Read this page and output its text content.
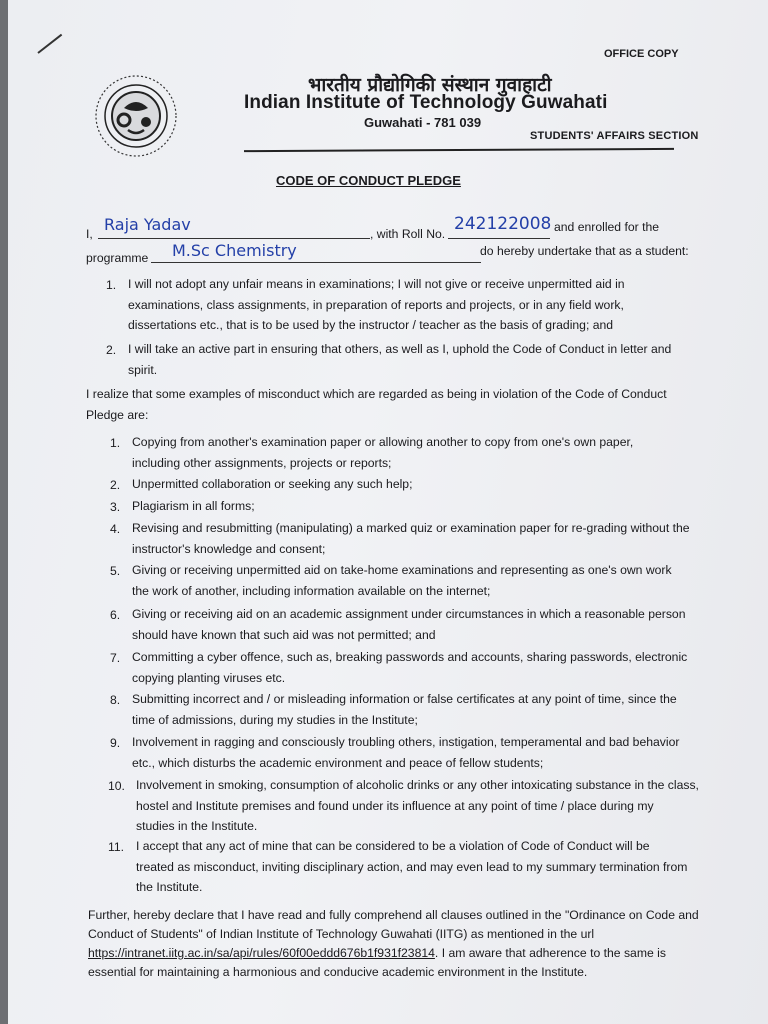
OFFICE COPY
भारतीय प्रौद्योगिकी संस्थान गुवाहाटी
Indian Institute of Technology Guwahati
Guwahati - 781 039
STUDENTS' AFFAIRS SECTION
CODE OF CONDUCT PLEDGE
I, Raja Yadav	, with Roll No. 242122008 and enrolled for the
programme M.Sc Chemistry	do hereby undertake that as a student:
1. I will not adopt any unfair means in examinations; I will not give or receive unpermitted aid in
examinations, class assignments, in preparation of reports and projects, or in any field work,
dissertations etc., that is to be used by the instructor / teacher as the basis of grading; and
2. I will take an active part in ensuring that others, as well as I, uphold the Code of Conduct in letter and
spirit.
I realize that some examples of misconduct which are regarded as being in violation of the Code of Conduct
Pledge are:
1. Copying from another's examination paper or allowing another to copy from one's own paper,
including other assignments, projects or reports;
2. Unpermitted collaboration or seeking any such help;
3. Plagiarism in all forms;
4. Revising and resubmitting (manipulating) a marked quiz or examination paper for re-grading without the
instructor's knowledge and consent;
5. Giving or receiving unpermitted aid on take-home examinations and representing as one's own work
the work of another, including information available on the internet;
6. Giving or receiving aid on an academic assignment under circumstances in which a reasonable person
should have known that such aid was not permitted; and
7. Committing a cyber offence, such as, breaking passwords and accounts, sharing passwords, electronic
copying planting viruses etc.
8. Submitting incorrect and / or misleading information or false certificates at any point of time, since the
time of admissions, during my studies in the Institute;
9. Involvement in ragging and consciously troubling others, instigation, temperamental and bad behavior
etc., which disturbs the academic environment and peace of fellow students;
10. Involvement in smoking, consumption of alcoholic drinks or any other intoxicating substance in the class,
hostel and Institute premises and found under its influence at any point of time / place during my
studies in the Institute.
11. I accept that any act of mine that can be considered to be a violation of Code of Conduct will be
treated as misconduct, inviting disciplinary action, and may even lead to my summary termination from
the Institute.
Further, hereby declare that I have read and fully comprehend all clauses outlined in the "Ordinance on Code and
Conduct of Students" of Indian Institute of Technology Guwahati (IITG) as mentioned in the url
https://intranet.iitg.ac.in/sa/api/rules/60f00eddd676b1f931f23814. I am aware that adherence to the same is
essential for maintaining a harmonious and conducive academic environment in the Institute.
